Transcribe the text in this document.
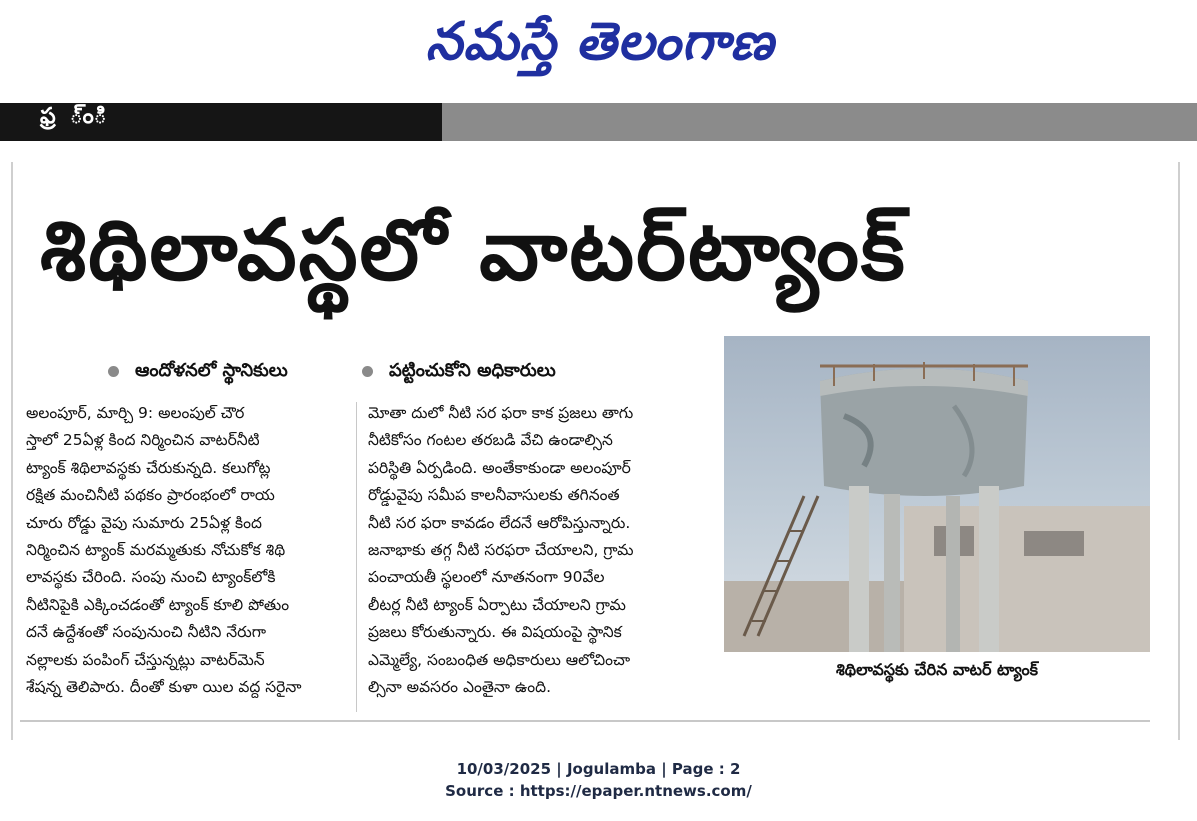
నమస్తే తెలంగాణ
ఫ్ర ్ంి
శిథిలావస్థలో వాటర్‌ట్యాంక్
ఆందోళనలో స్థానికులు	పట్టించుకోని అధికారులు
అలంపూర్, మార్చి 9: అలంపుల్ చౌర
స్తాలో 25ఏళ్ల కింద నిర్మించిన వాటర్‌నీటి
ట్యాంక్ శిథిలావస్థకు చేరుకున్నది. కలుగోట్ల
రక్షిత మంచినీటి పథకం ప్రారంభంలో రాయ
చూరు రోడ్డు వైపు సుమారు 25ఏళ్ల కింద
నిర్మించిన ట్యాంక్ మరమ్మతుకు నోచుకోక శిథి
లావస్థకు చేరింది. సంపు నుంచి ట్యాంక్‌లోకి
నీటినిపైకి ఎక్కించడంతో ట్యాంక్ కూలి పోతుం
దనే ఉద్దేశంతో సంపునుంచి నీటిని నేరుగా
నల్లాలకు పంపింగ్ చేస్తున్నట్లు వాటర్‌మెన్
శేషన్న తెలిపారు. దీంతో కుళా యిల వద్ద సరైనా
మోతా దులో నీటి సర ఫరా కాక ప్రజలు తాగు
నీటికోసం గంటల తరబడి వేచి ఉండాల్సిన
పరిస్థితి ఏర్పడింది. అంతేకాకుండా అలంపూర్
రోడ్డువైపు సమీప కాలనీవాసులకు తగినంత
నీటి సర ఫరా కావడం లేదనే ఆరోపిస్తున్నారు.
జనాభాకు తగ్గ నీటి సరఫరా చేయాలని, గ్రామ
పంచాయతీ స్థలంలో నూతనంగా 90వేల
లీటర్ల నీటి ట్యాంక్ ఏర్పాటు చేయాలని గ్రామ
ప్రజలు కోరుతున్నారు. ఈ విషయంపై స్థానిక
ఎమ్మెల్యే, సంబంధిత అధికారులు ఆలోచించా
ల్సినా అవసరం ఎంతైనా ఉంది.
శిథిలావస్థకు చేరిన వాటర్ ట్యాంక్
10/03/2025 | Jogulamba | Page : 2
Source : https://epaper.ntnews.com/
